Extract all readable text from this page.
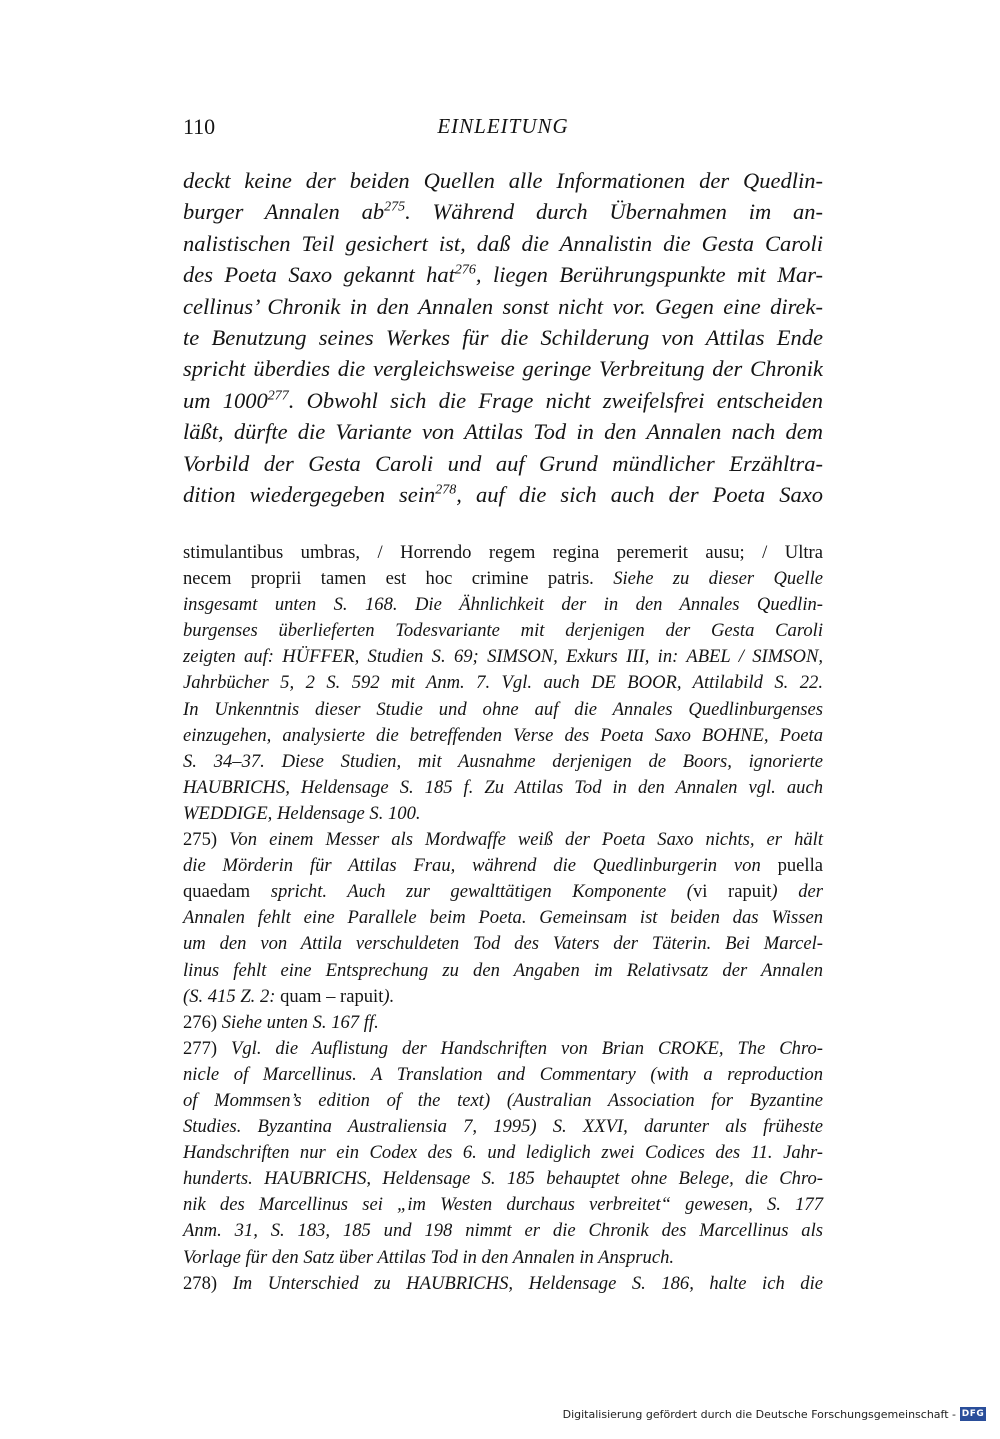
110	EINLEITUNG
deckt keine der beiden Quellen alle Informationen der Quedlin-
burger Annalen $ab^{275}$. Während durch Übernahmen im an-
nalistischen Teil gesichert ist, daß die Annalistin die Gesta Caroli
des Poeta Saxo gekannt hat$^{276}$, liegen Berührungspunkte mit Mar-
cellinus’ Chronik in den Annalen sonst nicht vor. Gegen eine direk-
te Benutzung seines Werkes für die Schilderung von Attilas Ende
spricht überdies die vergleichsweise geringe Verbreitung der Chronik
um 1000$^{277}$. Obwohl sich die Frage nicht zweifelsfrei entscheiden
läßt, dürfte die Variante von Attilas Tod in den Annalen nach dem
Vorbild der Gesta Caroli und auf Grund mündlicher Erzähltra-
dition wiedergegeben sein$^{278}$, auf die sich auch der Poeta Saxo
stimulantibus umbras, / Horrendo regem regina peremerit ausu; / Ultra
necem proprii tamen est hoc crimine patris. Siehe zu dieser Quelle
insgesamt unten S. 168. Die Ähnlichkeit der in den Annales Quedlin-
burgenses überlieferten Todesvariante mit derjenigen der Gesta Caroli
zeigten auf: HÜFFER, Studien S. 69; SIMSON, Exkurs III, in: ABEL / SIMSON,
Jahrbücher 5, 2 S. 592 mit Anm. 7. Vgl. auch DE BOOR, Attilabild S. 22.
In Unkenntnis dieser Studie und ohne auf die Annales Quedlinburgenses
einzugehen, analysierte die betreffenden Verse des Poeta Saxo BOHNE, Poeta
S. 34–37. Diese Studien, mit Ausnahme derjenigen de Boors, ignorierte
HAUBRICHS, Heldensage S. 185 f. Zu Attilas Tod in den Annalen vgl. auch
WEDDIGE, Heldensage S. 100.
275) Von einem Messer als Mordwaffe weiß der Poeta Saxo nichts, er hält
die Mörderin für Attilas Frau, während die Quedlinburgerin von puella
quaedam spricht. Auch zur gewalttätigen Komponente (vi rapuit) der
Annalen fehlt eine Parallele beim Poeta. Gemeinsam ist beiden das Wissen
um den von Attila verschuldeten Tod des Vaters der Täterin. Bei Marcel-
linus fehlt eine Entsprechung zu den Angaben im Relativsatz der Annalen
(S. 415 Z. 2: quam – rapuit).
276) Siehe unten S. 167 ff.
277) Vgl. die Auflistung der Handschriften von Brian CROKE, The Chro-
nicle of Marcellinus. A Translation and Commentary (with a reproduction
of Mommsen’s edition of the text) (Australian Association for Byzantine
Studies. Byzantina Australiensia 7, 1995) S. XXVI, darunter als früheste
Handschriften nur ein Codex des 6. und lediglich zwei Codices des 11. Jahr-
hunderts. HAUBRICHS, Heldensage S. 185 behauptet ohne Belege, die Chro-
nik des Marcellinus sei „im Westen durchaus verbreitet“ gewesen, S. 177
Anm. 31, S. 183, 185 und 198 nimmt er die Chronik des Marcellinus als
Vorlage für den Satz über Attilas Tod in den Annalen in Anspruch.
278) Im Unterschied zu HAUBRICHS, Heldensage S. 186, halte ich die
Digitalisierung gefördert durch die Deutsche Forschungsgemeinschaft - DFG
